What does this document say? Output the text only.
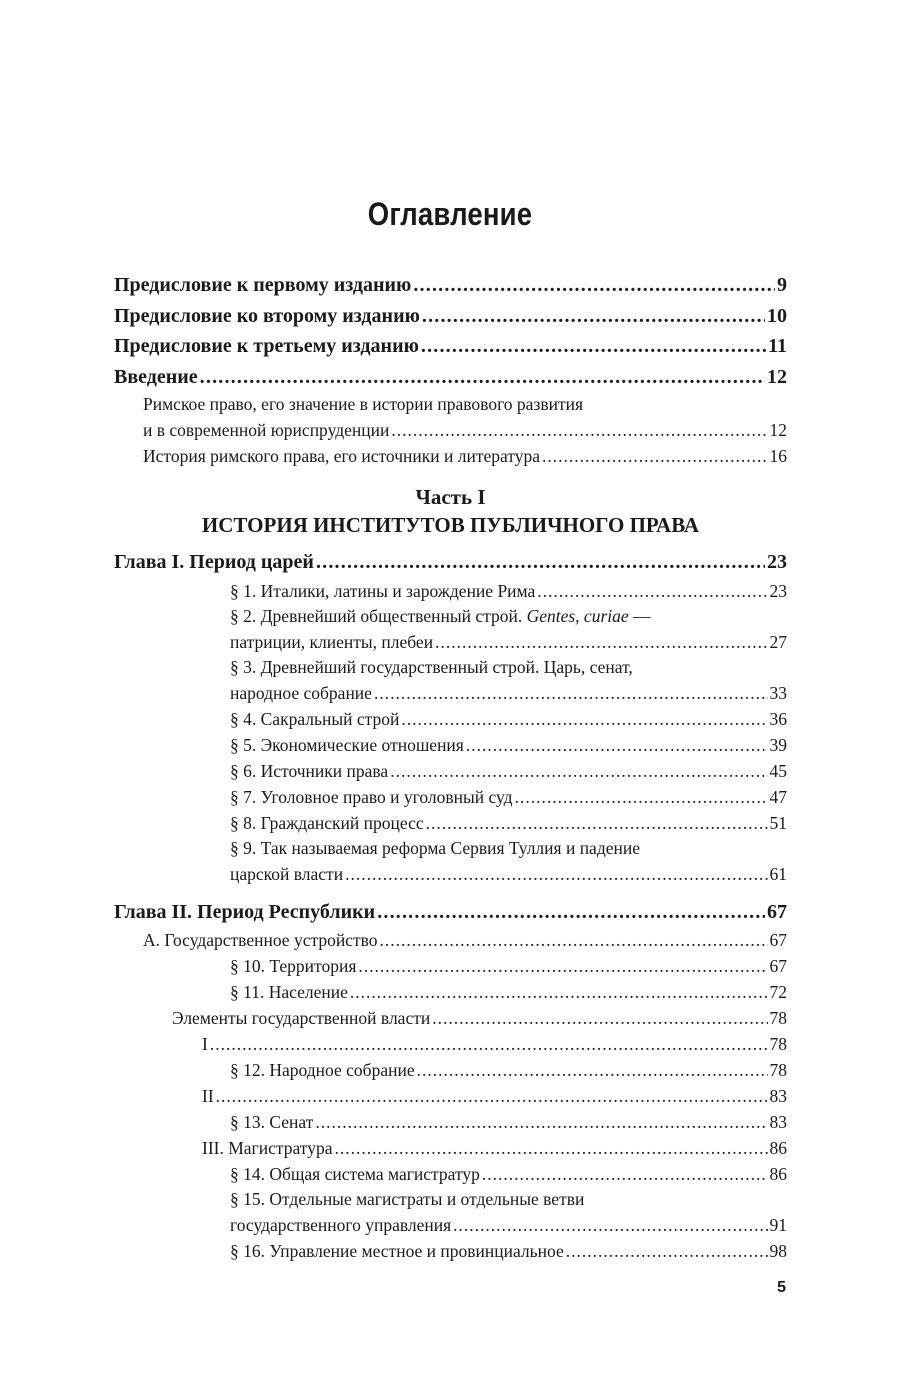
Оглавление
Предисловие к первому изданию .....	9
Предисловие ко второму изданию .....	10
Предисловие к третьему изданию .....	11
Введение .....	12
Римское право, его значение в истории правового развития
и в современной юриспруденции .....	12
История римского права, его источники и литература .....	16
Часть I
ИСТОРИЯ ИНСТИТУТОВ ПУБЛИЧНОГО ПРАВА
Глава I. Период царей .....	23
§ 1. Италики, латины и зарождение Рима .....	23
§ 2. Древнейший общественный строй. Gentes, curiae —
патриции, клиенты, плебеи .....	27
§ 3. Древнейший государственный строй. Царь, сенат,
народное собрание .....	33
§ 4. Сакральный строй .....	36
§ 5. Экономические отношения .....	39
§ 6. Источники права .....	45
§ 7. Уголовное право и уголовный суд .....	47
§ 8. Гражданский процесс .....	51
§ 9. Так называемая реформа Сервия Туллия и падение
царской власти .....	61
Глава II. Период Республики .....	67
А. Государственное устройство .....	67
§ 10. Территория .....	67
§ 11. Население .....	72
Элементы государственной власти .....	78
I .....	78
§ 12. Народное собрание .....	78
II .....	83
§ 13. Сенат .....	83
III. Магистратура .....	86
§ 14. Общая система магистратур .....	86
§ 15. Отдельные магистраты и отдельные ветви
государственного управления .....	91
§ 16. Управление местное и провинциальное .....	98
5
